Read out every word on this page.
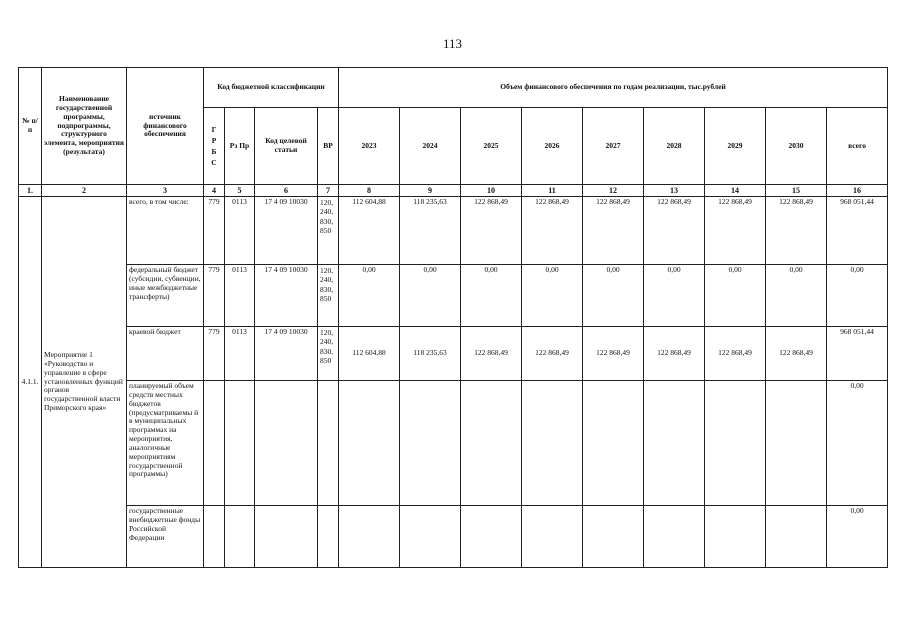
113
№ п/п	Наименование государственной программы, подпрограммы, структурного элемента, мероприятия (результата)	источник финансового обеспечения	Код бюджетной классификации				Объем финансового обеспечения по годам реализации, тыс.рублей								

			Г
Р
Б
С	Рз Пр	Код целевой статьи	ВР	2023	2024	2025	2026	2027	2028	2029	2030	всего
1.	2	3	4	5	6	7	8	9	10	11	12	13	14	15	16
4.1.1.	Мероприятие 1 «Руководство и управление в сфере установленных функций органов государственной власти Приморского края»	всего, в том числе:	779	0113	17 4 09 10030	120,
240,
830,
850	112 604,88	118 235,63	122 868,49	122 868,49	122 868,49	122 868,49	122 868,49	122 868,49	968 051,44
		федеральный бюджет (субсидии, субвенции, иные межбюджетные трансферты)	779	0113	17 4 09 10030	120,
240,
830,
850	0,00	0,00	0,00	0,00	0,00	0,00	0,00	0,00	0,00
		краевой бюджет	779	0113	17 4 09 10030	120,
240,
830,
850	112 604,88	118 235,63	122 868,49	122 868,49	122 868,49	122 868,49	122 868,49	122 868,49	968 051,44
		планируемый объем средств местных бюджетов (предусматриваемы й в муниципальных программах на мероприятия, аналогичные мероприятиям государственной программы)													0,00
		государственные внебюджетные фонды Российской Федерации													0,00
